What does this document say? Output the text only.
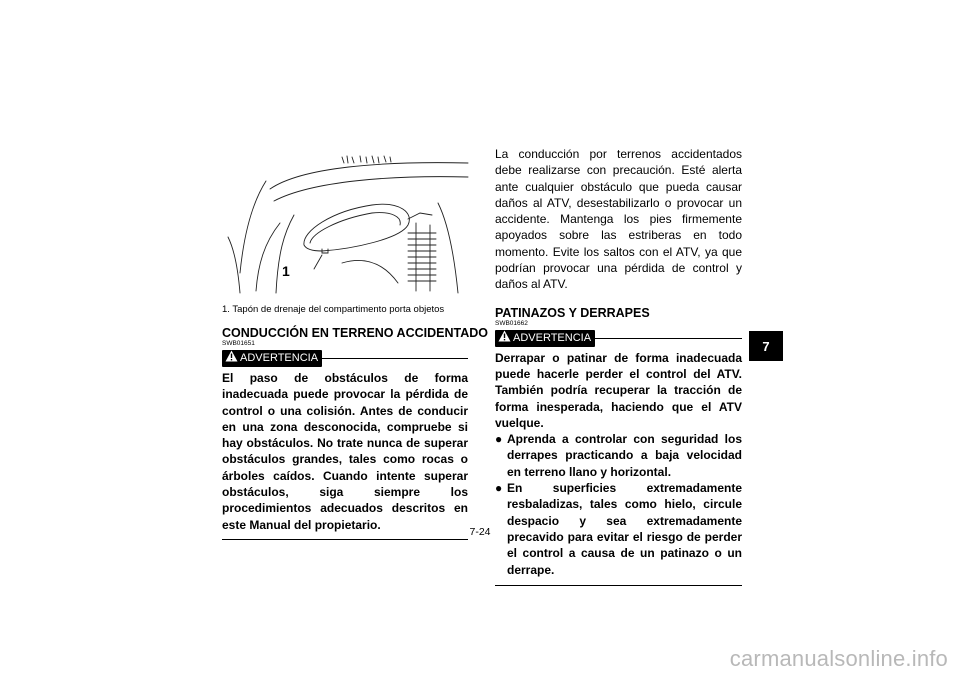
1
1. Tapón de drenaje del compartimento porta objetos
CONDUCCIÓN EN TERRENO ACCIDENTADO
SWB01651
ADVERTENCIA
El paso de obstáculos de forma inadecuada puede provocar la pérdida de control o una colisión. Antes de conducir en una zona desconocida, compruebe si hay obstáculos. No trate nunca de superar obstáculos grandes, tales como rocas o árboles caídos. Cuando intente superar obstáculos, siga siempre los procedimientos adecuados descritos en este Manual del propietario.
La conducción por terrenos accidentados debe realizarse con precaución. Esté alerta ante cualquier obstáculo que pueda causar daños al ATV, desestabilizarlo o provocar un accidente. Mantenga los pies firmemente apoyados sobre las estriberas en todo momento. Evite los saltos con el ATV, ya que podrían provocar una pérdida de control y daños al ATV.
PATINAZOS Y DERRAPES
SWB01662
ADVERTENCIA
Derrapar o patinar de forma inadecuada puede hacerle perder el control del ATV. También podría recuperar la tracción de forma inesperada, haciendo que el ATV vuelque.
● Aprenda a controlar con seguridad los derrapes practicando a baja velocidad en terreno llano y horizontal.
● En superficies extremadamente resbaladizas, tales como hielo, circule despacio y sea extremadamente precavido para evitar el riesgo de perder el control a causa de un patinazo o un derrape.
7
7-24
carmanualsonline.info
